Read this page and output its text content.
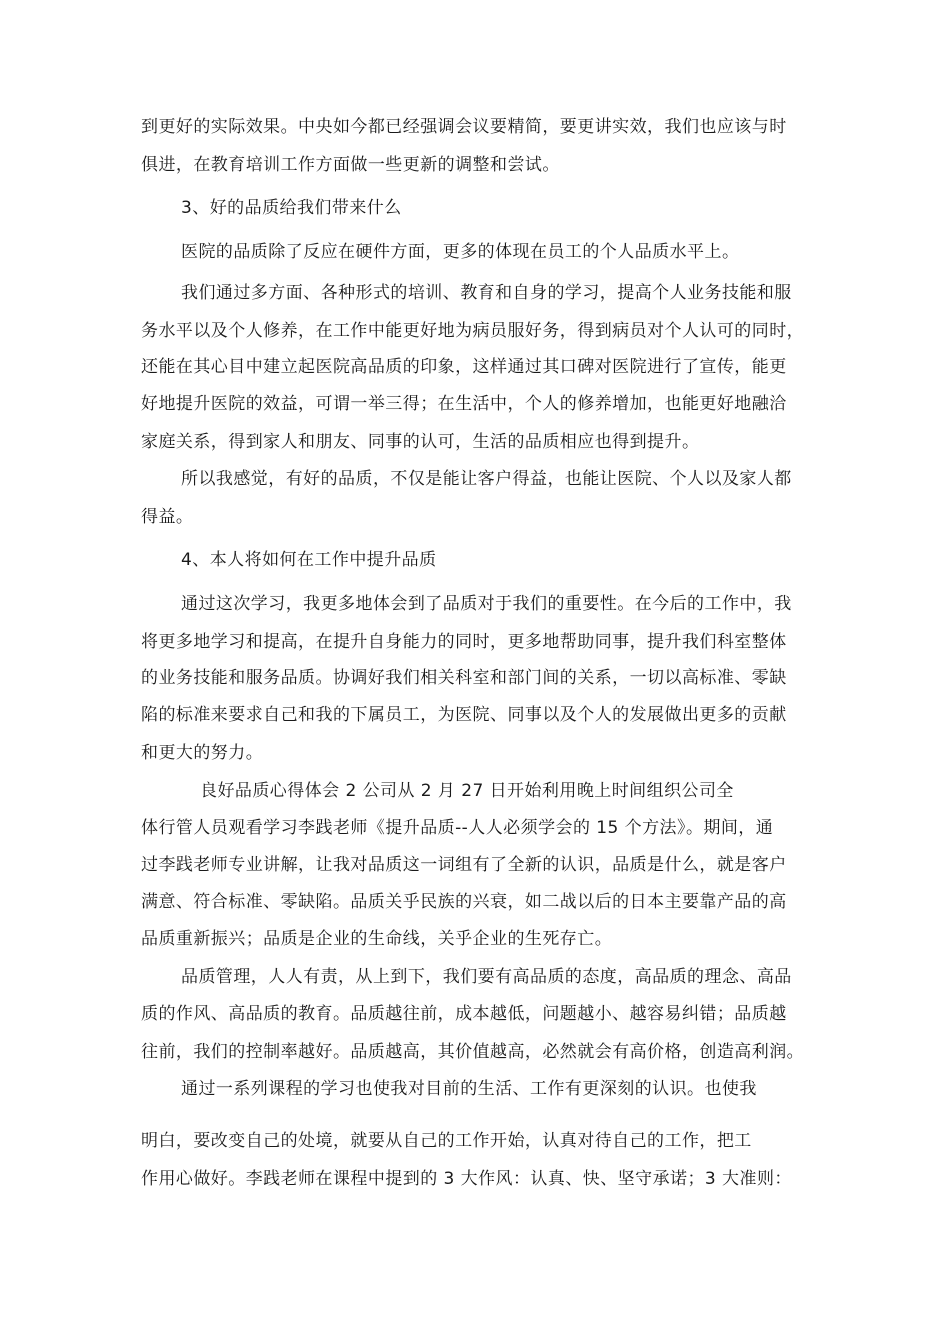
到更好的实际效果。中央如今都已经强调会议要精简，要更讲实效，我们也应该与时
俱进，在教育培训工作方面做一些更新的调整和尝试。
3、好的品质给我们带来什么
医院的品质除了反应在硬件方面，更多的体现在员工的个人品质水平上。
我们通过多方面、各种形式的培训、教育和自身的学习，提高个人业务技能和服
务水平以及个人修养，在工作中能更好地为病员服好务，得到病员对个人认可的同时，
还能在其心目中建立起医院高品质的印象，这样通过其口碑对医院进行了宣传，能更
好地提升医院的效益，可谓一举三得；在生活中，个人的修养增加，也能更好地融洽
家庭关系，得到家人和朋友、同事的认可，生活的品质相应也得到提升。
所以我感觉，有好的品质，不仅是能让客户得益，也能让医院、个人以及家人都
得益。
4、本人将如何在工作中提升品质
通过这次学习，我更多地体会到了品质对于我们的重要性。在今后的工作中，我
将更多地学习和提高，在提升自身能力的同时，更多地帮助同事，提升我们科室整体
的业务技能和服务品质。协调好我们相关科室和部门间的关系，一切以高标准、零缺
陷的标准来要求自己和我的下属员工，为医院、同事以及个人的发展做出更多的贡献
和更大的努力。
良好品质心得体会 2 公司从 2 月 27 日开始利用晚上时间组织公司全
体行管人员观看学习李践老师《提升品质--人人必须学会的 15 个方法》。期间，通
过李践老师专业讲解，让我对品质这一词组有了全新的认识，品质是什么，就是客户
满意、符合标准、零缺陷。品质关乎民族的兴衰，如二战以后的日本主要靠产品的高
品质重新振兴；品质是企业的生命线，关乎企业的生死存亡。
品质管理，人人有责，从上到下，我们要有高品质的态度，高品质的理念、高品
质的作风、高品质的教育。品质越往前，成本越低，问题越小、越容易纠错；品质越
往前，我们的控制率越好。品质越高，其价值越高，必然就会有高价格，创造高利润。
通过一系列课程的学习也使我对目前的生活、工作有更深刻的认识。也使我
明白，要改变自己的处境，就要从自己的工作开始，认真对待自己的工作，把工
作用心做好。李践老师在课程中提到的 3 大作风：认真、快、坚守承诺；3 大准则：
